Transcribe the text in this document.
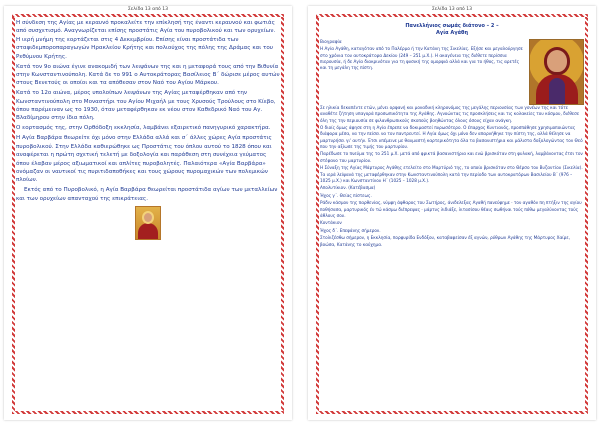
Σελίδα 13 από 13

Η σύνδεση της Αγίας με κεραυνό προκαλείτε την επίκλησή της έναντι κεραυνού και φωτιάς από συσχετισμό. Αναγνωρίζεται επίσης προστάτις Αγία του πυροβολικού και των ορυχείων. Η ιερή μνήμη της εορτάζεται στις 4 Δεκεμβρίου. Επίσης είναι προστάτιδα των σταφιδεμποροπαραγωγών Ηρακλείου Κρήτης και πολιούχος της πόλης της Δράμας και του Ρεθύμνου Κρήτης.

Κατά τον 9ο αιώνα έγινε ανακομιδή των λειψάνων της και η μεταφορά τους από την Βιθυνία στην Κωνσταντινούπολη. Κατά δε το 991 ο Αυτοκράτορας Βασίλειος Β΄ δώρισε μέρος αυτών στους Βενετούς οι οποίοι και τα απόθεσαν στον Ναό του Αγίου Μάρκου.

Κατά το 12ο αιώνα, μέρος υπολοίπων λειψάνων της Αγίας μεταφέρθηκαν από την Κωνσταντινούπολη στο Μοναστήρι του Αγίου Μιχαήλ με τους Χρυσούς Τρούλους στο Κίεβο, όπου παρέμειναν ως το 1930, όταν μεταφέρθηκαν εκ νέου στον Καθεδρικό Ναό του Αγ. Βλαδίμηρου στην ίδια πόλη.

Ο εορτασμός της, στην Ορθόδοξη εκκλησία, λαμβάνει εξαιρετικό πανηγυρικό χαρακτήρα.

Η Αγία Βαρβάρα θεωρείτε όχι μόνο στην Ελλάδα αλλά και σ΄ άλλες χώρες Αγία προστάτις πυροβολικού. Στην Ελλάδα καθιερώθηκε ως Προστάτις του όπλου αυτού το 1828 όπου και αναφέρεται η πρώτη σχετική τελετή με δοξολογία και παράθεση στη συνέχεια γεύματος όπου έλαβαν μέρος αξιωματικοί και απλίτες πυροβολητές. Παλαιότερα «Αγία Βαρβάρα» ονόμαζαν οι ναυτικοί τις πυριτιδαποθήκες και τους χώρους πυρομαχικών των πολεμικών πλοίων.

Εκτός από το Πυροβολικό, η Αγία Βαρβάρα θεωρείται προστάτιδα αγίων των μεταλλείων και των ορυχείων απανταχού της επικράτειας.

Σελίδα 13 από 13
Πανελλήνιος σωμάς διάτονο – 2 –
Αγία Αγάθη

Βιογραφία

Η Αγία Αγάθη, καταγόταν από το Παλέρμο ή την Κατάνη της Σικελίας. Εξήσε και μεγαλούργησε στο χρόνια του αυτοκράτορα Δεκίου (249 – 251 μ.Χ.). Η ακαγένεια της διέθετε περίσσια πιερουσία, ή δε Αγία διακρινόταν για τη φυσική της ομορφιά αλλά και για το ήθος, τις αρετές και τη μεγάλη της πίστη.

Σε ηλικία δεκαπέντε ετών, μένει ορφανή και μοναδική κληρονόμος της μεγάλης περιουσίας των γονέων της και τότε αναθέτε ζήτηση υπαγορά προσωπικότητα της Αγάθης. Αγνοώντας τις προσκλήσεις και τις κολακείες του κόσμου, διέθεσε όλη της την περιουσία σε φιλανθρωπικούς σκοπούς βοηθώντας όλους όσους είχαν ανάγκη.

Ο διοίς όμως άφησε στη η Αγία έπρεπε να δοκιμαστεί πυρωσότερο. Ο έπαρχος Κυντιανός, προσπάθησε χρησιμοποιώντας διάφορα μέσα, να την πείσει να τον παντρευτεί. Η Αγία όμως όχι μόνο δεν απαρνήθηκε την πίστη της, αλλά θέλησε να μαρτυρήσει γι' αυτήν. Έτσι υπέμεινε με θαυμαστή καρτερικότητα όλα τα βασανιστήρια και μάλιστα δοξολογώντας τον Θεό που την αξίωσε της τιμής του μαρτυρίου.

Παρέδωσε το πνεύμα της το 251 μ.Χ. μετά από φρικτά βασανιστήρια και ενώ βρισκόταν στη φυλακή, λαμβάνοντας έτσι τον στέφανο του μαρτυρίου.

Η Σύναξη της Αγίας Μάρτυρος Αγάθης ετελείτο στο Μαρτύριό της, το οποίο βρισκόταν στο Θέρσο του Βυζαντίου (Σικελία). Τα ιερά λείψανά της μεταφέρθηκαν στην Κωνσταντινούπολη κατά την περίοδο των αυτοκρατόρων Βασιλείου Β΄ (976 – 1025 μ.Χ.) και Κωνσταντίνου Η΄ (1025 – 1028 μ.Χ.).

Απολυτίκιον. (Κατέβασμα)

Ήχος γ΄. Θείας πίστεως.

Ράδιν κάσμον της παρθενίας, νύμφη άφθαρος του Σωτήρος, άνιδελεξας Αγαθή πανεύφημε · τον αγαθόν πη πτήξιν της αγίου ποθήσασα, μαρτυρικός έν τώ κάσμω διέπρεψας · μάρτυς λιδιάξε, λιτασίσου θέαις σωθήναι τούς πόθω μεγαλύνοντας τούς άθλους σου.

Κοντάκιον

Ήχος δ΄. Επεφάνης σήμερον.

Στολιζέσθω σήμερον, η Εκκλησία, πορφυρίδα Ενδόξου, καταβαφείσαν έξ αγνών, ρύθρων Αγάθης της Μάρτυρος Χαίρε, βοώσα, Κατάνης το καύχημα.
